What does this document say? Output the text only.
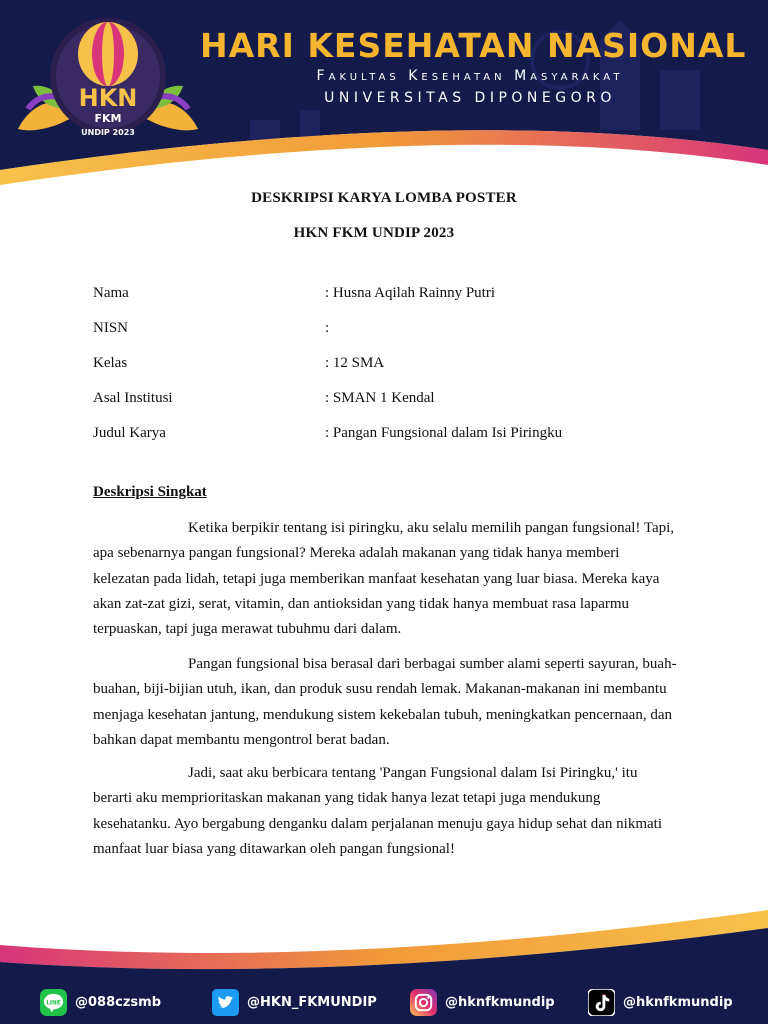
HKN
FKM
UNDIP 2023
HARI KESEHATAN NASIONAL
Fakultas Kesehatan Masyarakat
UNIVERSITAS DIPONEGORO
DESKRIPSI KARYA LOMBA POSTER
HKN FKM UNDIP 2023
Nama	: Husna Aqilah Rainny Putri
NISN	:
Kelas	: 12 SMA
Asal Institusi	: SMAN 1 Kendal
Judul Karya	: Pangan Fungsional dalam Isi Piringku
Deskripsi Singkat

Ketika berpikir tentang isi piringku, aku selalu memilih pangan fungsional! Tapi, apa sebenarnya pangan fungsional? Mereka adalah makanan yang tidak hanya memberi kelezatan pada lidah, tetapi juga memberikan manfaat kesehatan yang luar biasa. Mereka kaya akan zat-zat gizi, serat, vitamin, dan antioksidan yang tidak hanya membuat rasa laparmu terpuaskan, tapi juga merawat tubuhmu dari dalam.

Pangan fungsional bisa berasal dari berbagai sumber alami seperti sayuran, buah-buahan, biji-bijian utuh, ikan, dan produk susu rendah lemak. Makanan-makanan ini membantu menjaga kesehatan jantung, mendukung sistem kekebalan tubuh, meningkatkan pencernaan, dan bahkan dapat membantu mengontrol berat badan.

Jadi, saat aku berbicara tentang 'Pangan Fungsional dalam Isi Piringku,' itu berarti aku memprioritaskan makanan yang tidak hanya lezat tetapi juga mendukung kesehatanku. Ayo bergabung denganku dalam perjalanan menuju gaya hidup sehat dan nikmati manfaat luar biasa yang ditawarkan oleh pangan fungsional!

LINE @088czsmb	@HKN_FKMUNDIP	@hknfkmundip	@hknfkmundip
